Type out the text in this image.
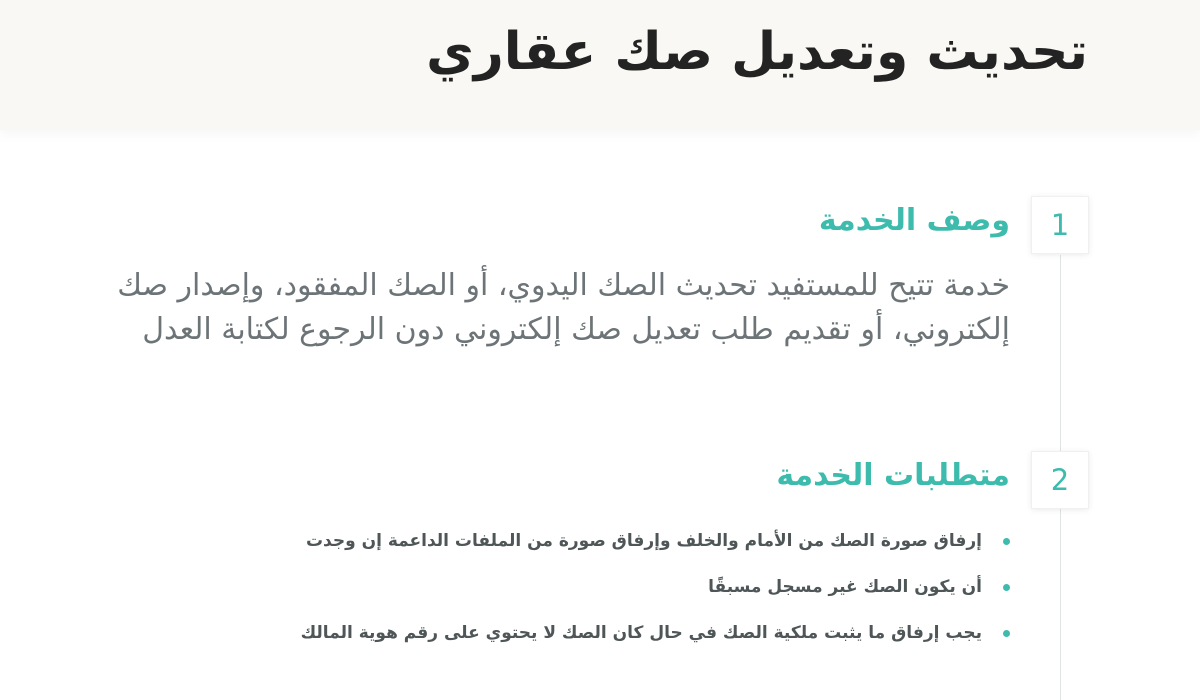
تحديث وتعديل صك عقاري
1
وصف الخدمة

خدمة تتيح للمستفيد تحديث الصك اليدوي، أو الصك المفقود، وإصدار صك إلكتروني، أو تقديم طلب تعديل صك إلكتروني دون الرجوع لكتابة العدل

2
متطلبات الخدمة
إرفاق صورة الصك من الأمام والخلف وإرفاق صورة من الملفات الداعمة إن وجدت
أن يكون الصك غير مسجل مسبقًا
يجب إرفاق ما يثبت ملكية الصك في حال كان الصك لا يحتوي على رقم هوية المالك
